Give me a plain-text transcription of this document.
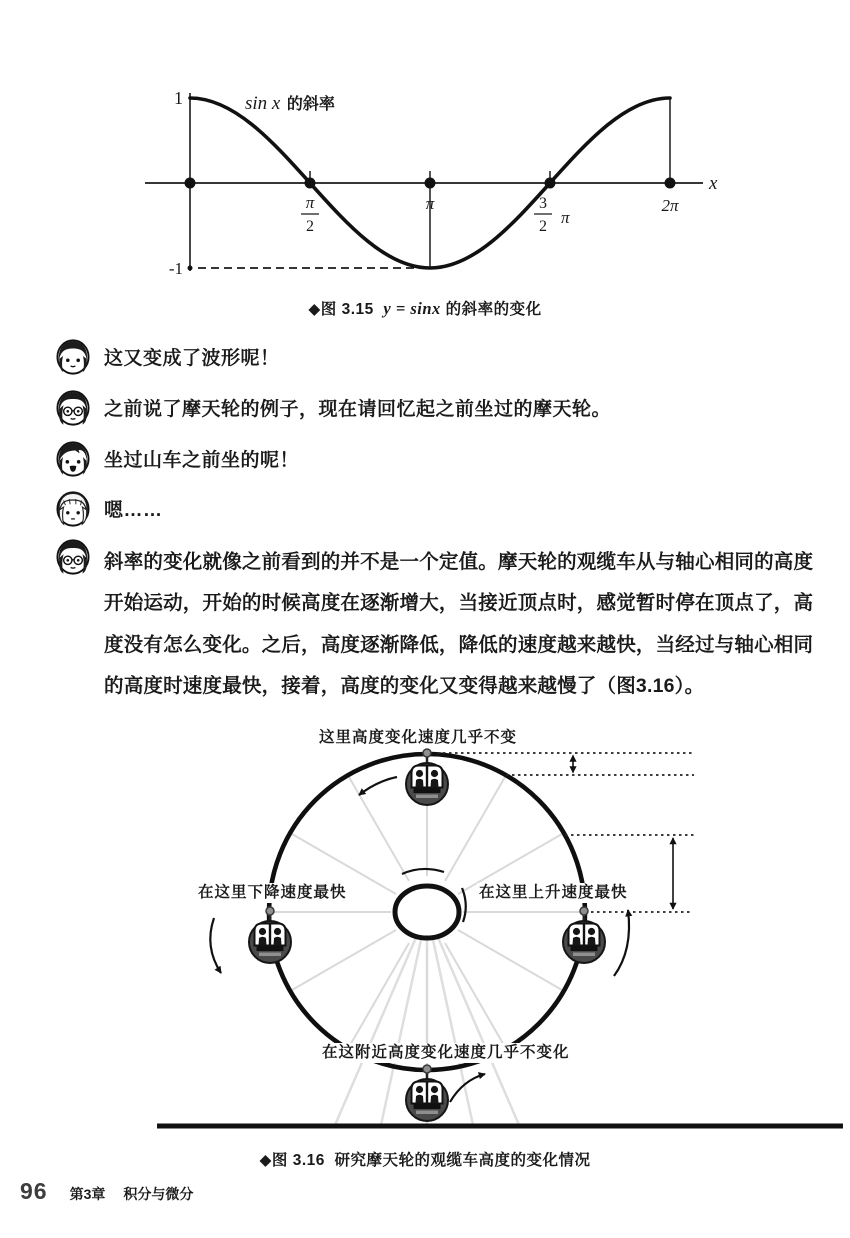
1
-1
x
sin x 的斜率
π
2
π	3
2 π
2π
◆图 3.15 y = sinx 的斜率的变化
这又变成了波形呢！
之前说了摩天轮的例子，现在请回忆起之前坐过的摩天轮。
坐过山车之前坐的呢！
嗯……
斜率的变化就像之前看到的并不是一个定值。摩天轮的观缆车从与轴心相同的高度
开始运动，开始的时候高度在逐渐增大，当接近顶点时，感觉暂时停在顶点了，高
度没有怎么变化。之后，高度逐渐降低，降低的速度越来越快，当经过与轴心相同
的高度时速度最快，接着，高度的变化又变得越来越慢了（图3.16）。
这里高度变化速度几乎不变
在这里下降速度最快	在这里上升速度最快
在这附近高度变化速度几乎不变化
◆图 3.16 研究摩天轮的观缆车高度的变化情况
96 第3章 积分与微分
